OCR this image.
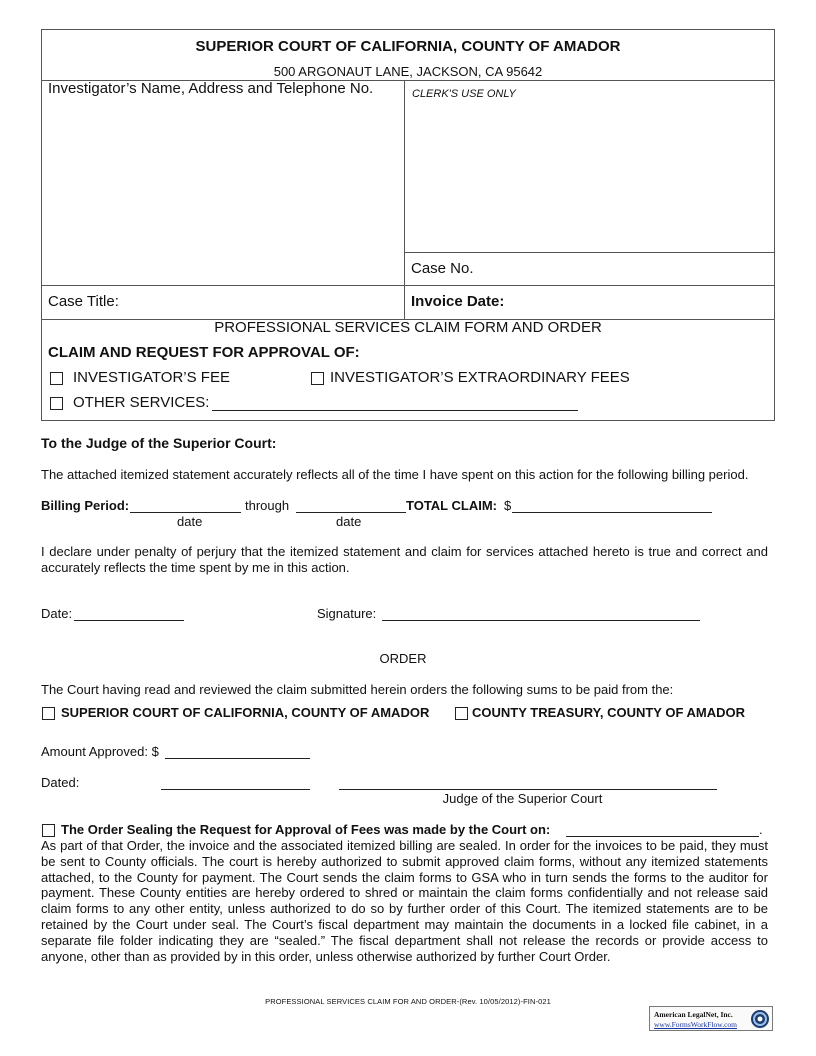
SUPERIOR COURT OF CALIFORNIA, COUNTY OF AMADOR
500 ARGONAUT LANE, JACKSON, CA 95642
Investigator’s Name, Address and Telephone No.	CLERK'S USE ONLY
Case No.
Case Title:	Invoice Date:
PROFESSIONAL SERVICES CLAIM FORM AND ORDER
CLAIM AND REQUEST FOR APPROVAL OF:
INVESTIGATOR’S FEE	INVESTIGATOR’S EXTRAORDINARY FEES
OTHER SERVICES:
To the Judge of the Superior Court:
The attached itemized statement accurately reflects all of the time I have spent on this action for the following billing period.
Billing Period:	through	TOTAL CLAIM: $
date	date
I declare under penalty of perjury that the itemized statement and claim for services attached hereto is true and correct and accurately reflects the time spent by me in this action.
Date:	Signature:
ORDER
The Court having read and reviewed the claim submitted herein orders the following sums to be paid from the:
SUPERIOR COURT OF CALIFORNIA, COUNTY OF AMADOR	COUNTY TREASURY, COUNTY OF AMADOR
Amount Approved: $
Dated:
Judge of the Superior Court
The Order Sealing the Request for Approval of Fees was made by the Court on:	.
As part of that Order, the invoice and the associated itemized billing are sealed. In order for the invoices to be paid, they must be sent to County officials. The court is hereby authorized to submit approved claim forms, without any itemized statements attached, to the County for payment. The Court sends the claim forms to GSA who in turn sends the forms to the auditor for payment. These County entities are hereby ordered to shred or maintain the claim forms confidentially and not release said claim forms to any other entity, unless authorized to do so by further order of this Court. The itemized statements are to be retained by the Court under seal. The Court’s fiscal department may maintain the documents in a locked file cabinet, in a separate file folder indicating they are “sealed.” The fiscal department shall not release the records or provide access to anyone, other than as provided by in this order, unless otherwise authorized by further Court Order.
PROFESSIONAL SERVICES CLAIM FOR AND ORDER-(Rev. 10/05/2012)-FIN-021
American LegalNet, Inc.
www.FormsWorkFlow.com
